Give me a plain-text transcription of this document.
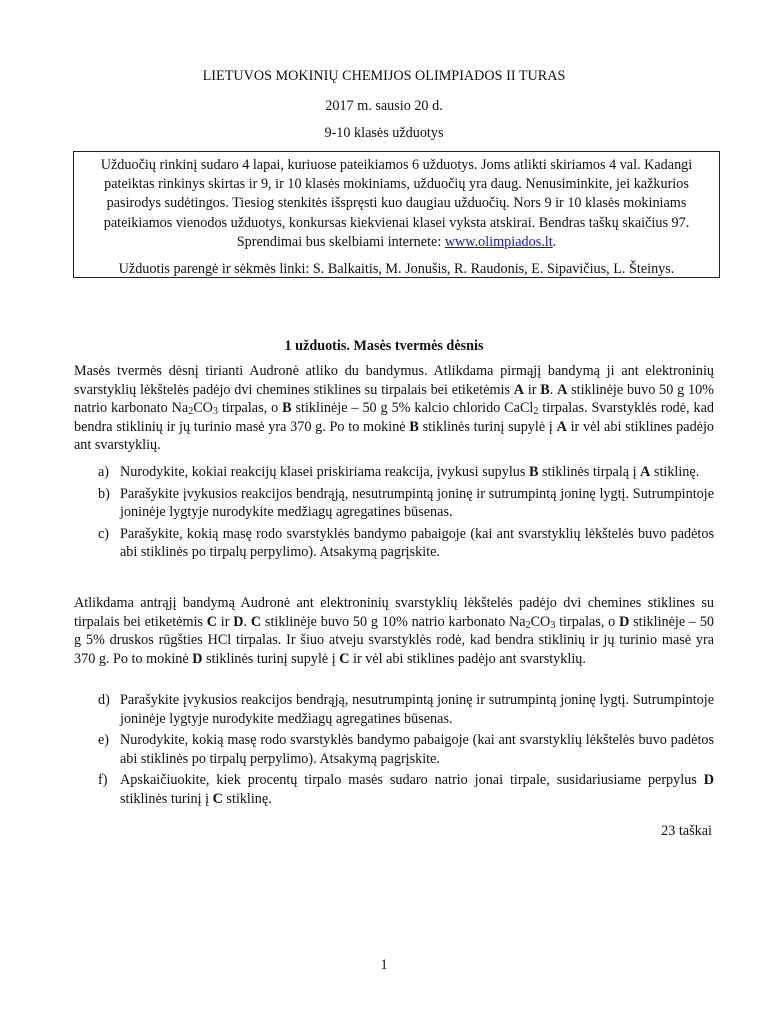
LIETUVOS MOKINIŲ CHEMIJOS OLIMPIADOS II TURAS
2017 m. sausio 20 d.
9-10 klasės užduotys

Užduočių rinkinį sudaro 4 lapai, kuriuose pateikiamos 6 užduotys. Joms atlikti skiriamos 4 val. Kadangi pateiktas rinkinys skirtas ir 9, ir 10 klasės mokiniams, užduočių yra daug. Nenusiminkite, jei kažkurios pasirodys sudėtingos. Tiesiog stenkitės išspręsti kuo daugiau užduočių. Nors 9 ir 10 klasės mokiniams pateikiamos vienodos užduotys, konkursas kiekvienai klasei vyksta atskirai. Bendras taškų skaičius 97. Sprendimai bus skelbiami internete: www.olimpiados.lt.

Užduotis parengė ir sėkmės linki: S. Balkaitis, M. Jonušis, R. Raudonis, E. Sipavičius, L. Šteinys.

1 užduotis. Masės tvermės dėsnis

Masės tvermės dėsnį tirianti Audronė atliko du bandymus. Atlikdama pirmąjį bandymą ji ant elektroninių svarstyklių lėkštelės padėjo dvi chemines stiklines su tirpalais bei etiketėmis A ir B. A stiklinėje buvo 50 g 10% natrio karbonato $Na_2CO_3$ tirpalas, o B stiklinėje – 50 g 5% kalcio chlorido CaCl$_2$ tirpalas. Svarstyklės rodė, kad bendra stiklinių ir jų turinio masė yra 370 g. Po to mokinė B stiklinės turinį supylė į A ir vėl abi stiklines padėjo ant svarstyklių.

a) Nurodykite, kokiai reakcijų klasei priskiriama reakcija, įvykusi supylus B stiklinės tirpalą į A stiklinę.
b) Parašykite įvykusios reakcijos bendrąją, nesutrumpintą joninę ir sutrumpintą joninę lygtį. Sutrumpintoje joninėje lygtyje nurodykite medžiagų agregatines būsenas.
c) Parašykite, kokią masę rodo svarstyklės bandymo pabaigoje (kai ant svarstyklių lėkštelės buvo padėtos abi stiklinės po tirpalų perpylimo). Atsakymą pagrįskite.

Atlikdama antrąjį bandymą Audronė ant elektroninių svarstyklių lėkštelės padėjo dvi chemines stiklines su tirpalais bei etiketėmis C ir D. C stiklinėje buvo 50 g 10% natrio karbonato $Na_2CO_3$ tirpalas, o D stiklinėje – 50 g 5% druskos rūgšties HCl tirpalas. Ir šiuo atveju svarstyklės rodė, kad bendra stiklinių ir jų turinio masė yra 370 g. Po to mokinė D stiklinės turinį supylė į C ir vėl abi stiklines padėjo ant svarstyklių.

d) Parašykite įvykusios reakcijos bendrąją, nesutrumpintą joninę ir sutrumpintą joninę lygtį. Sutrumpintoje joninėje lygtyje nurodykite medžiagų agregatines būsenas.
e) Nurodykite, kokią masę rodo svarstyklės bandymo pabaigoje (kai ant svarstyklių lėkštelės buvo padėtos abi stiklinės po tirpalų perpylimo). Atsakymą pagrįskite.
f) Apskaičiuokite, kiek procentų tirpalo masės sudaro natrio jonai tirpale, susidariusiame perpylus D stiklinės turinį į C stiklinę.
23 taškai
1
